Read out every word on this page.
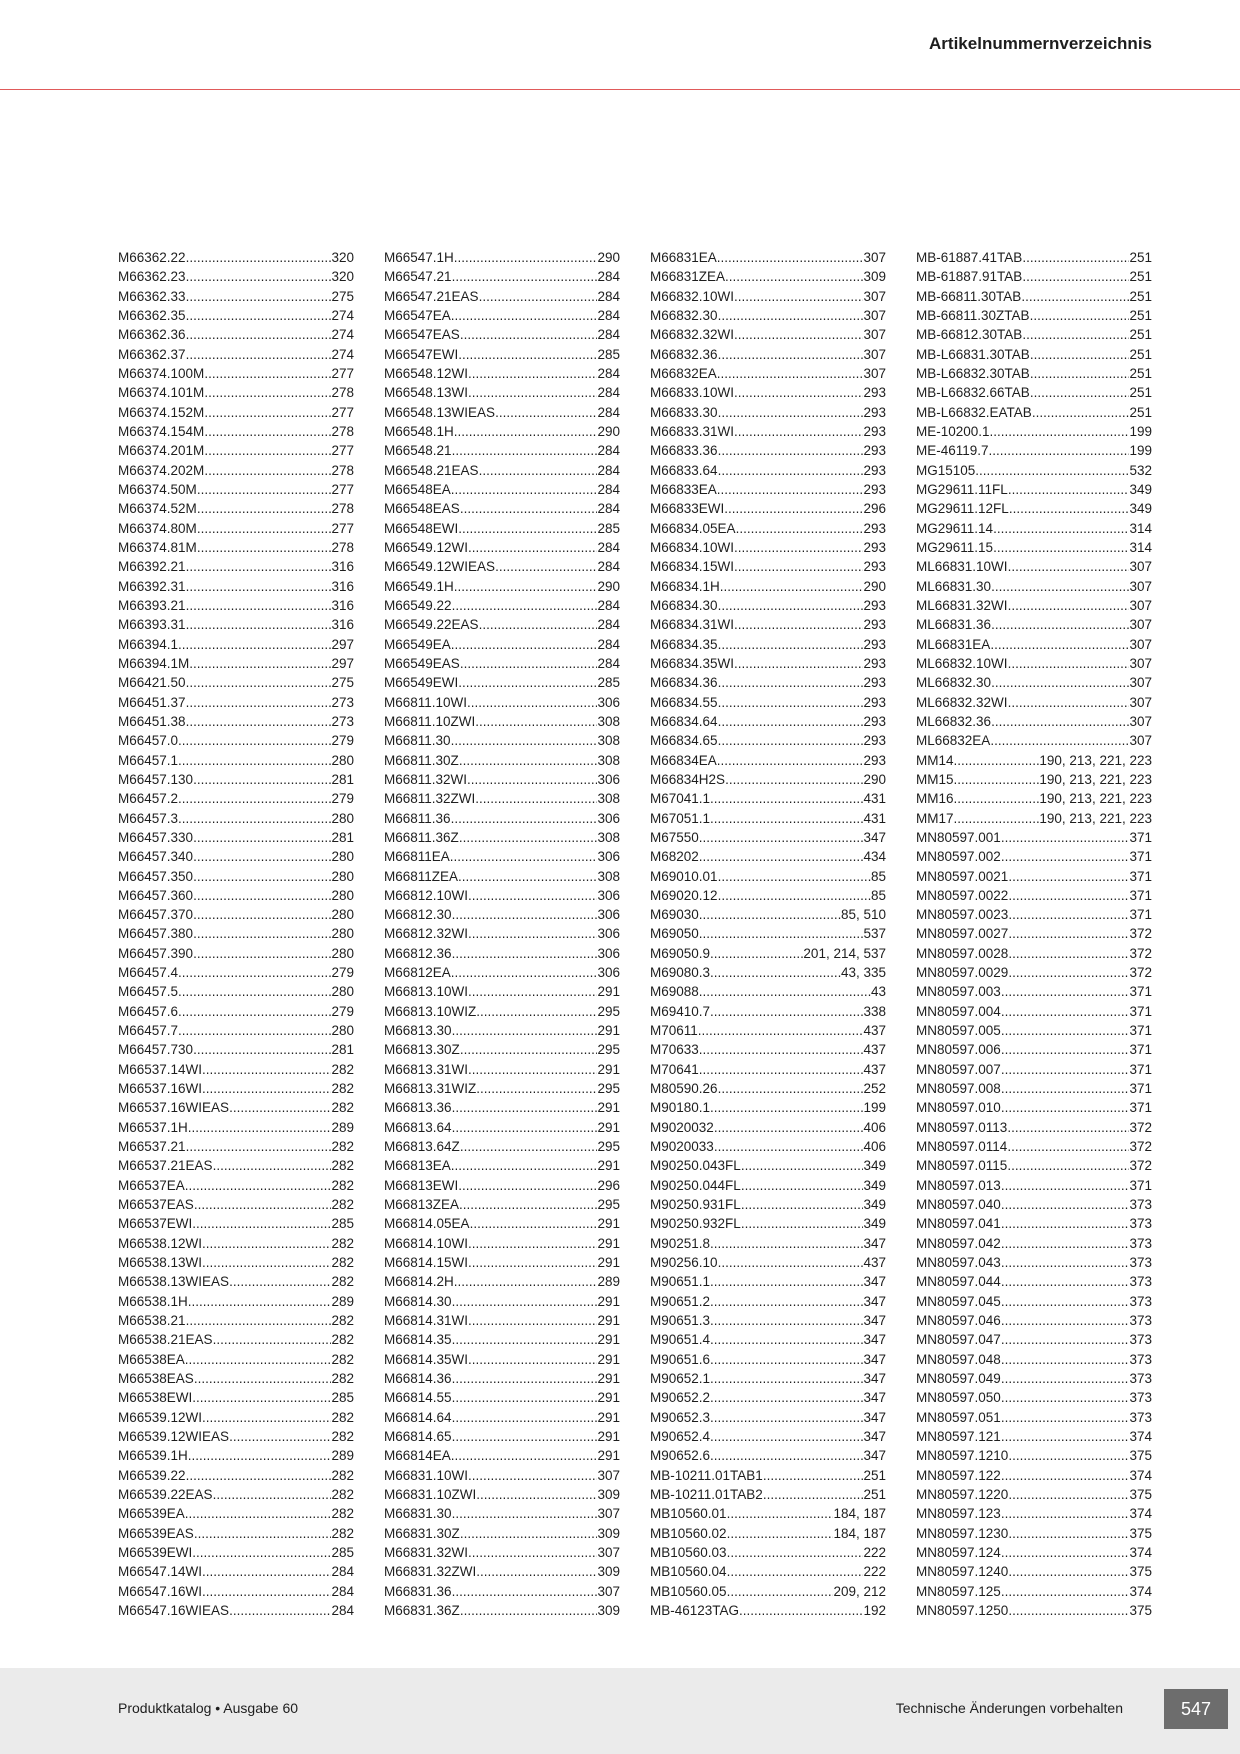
Artikelnummernverzeichnis
M66362.22 .....	320
M66362.23 .....	320
M66362.33 .....	275
M66362.35 .....	274
M66362.36 .....	274
M66362.37 .....	274
M66374.100M .....	277
M66374.101M .....	278
M66374.152M .....	277
M66374.154M .....	278
M66374.201M .....	277
M66374.202M .....	278
M66374.50M .....	277
M66374.52M .....	278
M66374.80M .....	277
M66374.81M .....	278
M66392.21 .....	316
M66392.31 .....	316
M66393.21 .....	316
M66393.31 .....	316
M66394.1 .....	297
M66394.1M .....	297
M66421.50 .....	275
M66451.37 .....	273
M66451.38 .....	273
M66457.0 .....	279
M66457.1 .....	280
M66457.130 .....	281
M66457.2 .....	279
M66457.3 .....	280
M66457.330 .....	281
M66457.340 .....	280
M66457.350 .....	280
M66457.360 .....	280
M66457.370 .....	280
M66457.380 .....	280
M66457.390 .....	280
M66457.4 .....	279
M66457.5 .....	280
M66457.6 .....	279
M66457.7 .....	280
M66457.730 .....	281
M66537.14WI .....	282
M66537.16WI .....	282
M66537.16WIEAS .....	282
M66537.1H .....	289
M66537.21 .....	282
M66537.21EAS .....	282
M66537EA .....	282
M66537EAS .....	282
M66537EWI .....	285
M66538.12WI .....	282
M66538.13WI .....	282
M66538.13WIEAS .....	282
M66538.1H .....	289
M66538.21 .....	282
M66538.21EAS .....	282
M66538EA .....	282
M66538EAS .....	282
M66538EWI .....	285
M66539.12WI .....	282
M66539.12WIEAS .....	282
M66539.1H .....	289
M66539.22 .....	282
M66539.22EAS .....	282
M66539EA .....	282
M66539EAS .....	282
M66539EWI .....	285
M66547.14WI .....	284
M66547.16WI .....	284
M66547.16WIEAS .....	284
M66547.1H .....	290
M66547.21 .....	284
M66547.21EAS .....	284
M66547EA .....	284
M66547EAS .....	284
M66547EWI .....	285
M66548.12WI .....	284
M66548.13WI .....	284
M66548.13WIEAS .....	284
M66548.1H .....	290
M66548.21 .....	284
M66548.21EAS .....	284
M66548EA .....	284
M66548EAS .....	284
M66548EWI .....	285
M66549.12WI .....	284
M66549.12WIEAS .....	284
M66549.1H .....	290
M66549.22 .....	284
M66549.22EAS .....	284
M66549EA .....	284
M66549EAS .....	284
M66549EWI .....	285
M66811.10WI .....	306
M66811.10ZWI .....	308
M66811.30 .....	308
M66811.30Z .....	308
M66811.32WI .....	306
M66811.32ZWI .....	308
M66811.36 .....	306
M66811.36Z .....	308
M66811EA .....	306
M66811ZEA .....	308
M66812.10WI .....	306
M66812.30 .....	306
M66812.32WI .....	306
M66812.36 .....	306
M66812EA .....	306
M66813.10WI .....	291
M66813.10WIZ .....	295
M66813.30 .....	291
M66813.30Z .....	295
M66813.31WI .....	291
M66813.31WIZ .....	295
M66813.36 .....	291
M66813.64 .....	291
M66813.64Z .....	295
M66813EA .....	291
M66813EWI .....	296
M66813ZEA .....	295
M66814.05EA .....	291
M66814.10WI .....	291
M66814.15WI .....	291
M66814.2H .....	289
M66814.30 .....	291
M66814.31WI .....	291
M66814.35 .....	291
M66814.35WI .....	291
M66814.36 .....	291
M66814.55 .....	291
M66814.64 .....	291
M66814.65 .....	291
M66814EA .....	291
M66831.10WI .....	307
M66831.10ZWI .....	309
M66831.30 .....	307
M66831.30Z .....	309
M66831.32WI .....	307
M66831.32ZWI .....	309
M66831.36 .....	307
M66831.36Z .....	309
M66831EA .....	307
M66831ZEA .....	309
M66832.10WI .....	307
M66832.30 .....	307
M66832.32WI .....	307
M66832.36 .....	307
M66832EA .....	307
M66833.10WI .....	293
M66833.30 .....	293
M66833.31WI .....	293
M66833.36 .....	293
M66833.64 .....	293
M66833EA .....	293
M66833EWI .....	296
M66834.05EA .....	293
M66834.10WI .....	293
M66834.15WI .....	293
M66834.1H .....	290
M66834.30 .....	293
M66834.31WI .....	293
M66834.35 .....	293
M66834.35WI .....	293
M66834.36 .....	293
M66834.55 .....	293
M66834.64 .....	293
M66834.65 .....	293
M66834EA .....	293
M66834H2S .....	290
M67041.1 .....	431
M67051.1 .....	431
M67550 .....	347
M68202 .....	434
M69010.01 .....	85
M69020.12 .....	85
M69030 .....	85, 510
M69050 .....	537
M69050.9 .....	201, 214, 537
M69080.3 .....	43, 335
M69088 .....	43
M69410.7 .....	338
M70611 .....	437
M70633 .....	437
M70641 .....	437
M80590.26 .....	252
M90180.1 .....	199
M9020032 .....	406
M9020033 .....	406
M90250.043FL .....	349
M90250.044FL .....	349
M90250.931FL .....	349
M90250.932FL .....	349
M90251.8 .....	347
M90256.10 .....	437
M90651.1 .....	347
M90651.2 .....	347
M90651.3 .....	347
M90651.4 .....	347
M90651.6 .....	347
M90652.1 .....	347
M90652.2 .....	347
M90652.3 .....	347
M90652.4 .....	347
M90652.6 .....	347
MB-10211.01TAB1 .....	251
MB-10211.01TAB2 .....	251
MB10560.01 .....	184, 187
MB10560.02 .....	184, 187
MB10560.03 .....	222
MB10560.04 .....	222
MB10560.05 .....	209, 212
MB-46123TAG .....	192
MB-61887.41TAB .....	251
MB-61887.91TAB .....	251
MB-66811.30TAB .....	251
MB-66811.30ZTAB .....	251
MB-66812.30TAB .....	251
MB-L66831.30TAB .....	251
MB-L66832.30TAB .....	251
MB-L66832.66TAB .....	251
MB-L66832.EATAB .....	251
ME-10200.1 .....	199
ME-46119.7 .....	199
MG15105 .....	532
MG29611.11FL .....	349
MG29611.12FL .....	349
MG29611.14 .....	314
MG29611.15 .....	314
ML66831.10WI .....	307
ML66831.30 .....	307
ML66831.32WI .....	307
ML66831.36 .....	307
ML66831EA .....	307
ML66832.10WI .....	307
ML66832.30 .....	307
ML66832.32WI .....	307
ML66832.36 .....	307
ML66832EA .....	307
MM14 .....	190, 213, 221, 223
MM15 .....	190, 213, 221, 223
MM16 .....	190, 213, 221, 223
MM17 .....	190, 213, 221, 223
MN80597.001 .....	371
MN80597.002 .....	371
MN80597.0021 .....	371
MN80597.0022 .....	371
MN80597.0023 .....	371
MN80597.0027 .....	372
MN80597.0028 .....	372
MN80597.0029 .....	372
MN80597.003 .....	371
MN80597.004 .....	371
MN80597.005 .....	371
MN80597.006 .....	371
MN80597.007 .....	371
MN80597.008 .....	371
MN80597.010 .....	371
MN80597.0113 .....	372
MN80597.0114 .....	372
MN80597.0115 .....	372
MN80597.013 .....	371
MN80597.040 .....	373
MN80597.041 .....	373
MN80597.042 .....	373
MN80597.043 .....	373
MN80597.044 .....	373
MN80597.045 .....	373
MN80597.046 .....	373
MN80597.047 .....	373
MN80597.048 .....	373
MN80597.049 .....	373
MN80597.050 .....	373
MN80597.051 .....	373
MN80597.121 .....	374
MN80597.1210 .....	375
MN80597.122 .....	374
MN80597.1220 .....	375
MN80597.123 .....	374
MN80597.1230 .....	375
MN80597.124 .....	374
MN80597.1240 .....	375
MN80597.125 .....	374
MN80597.1250 .....	375
Produktkatalog • Ausgabe 60	Technische Änderungen vorbehalten	547
